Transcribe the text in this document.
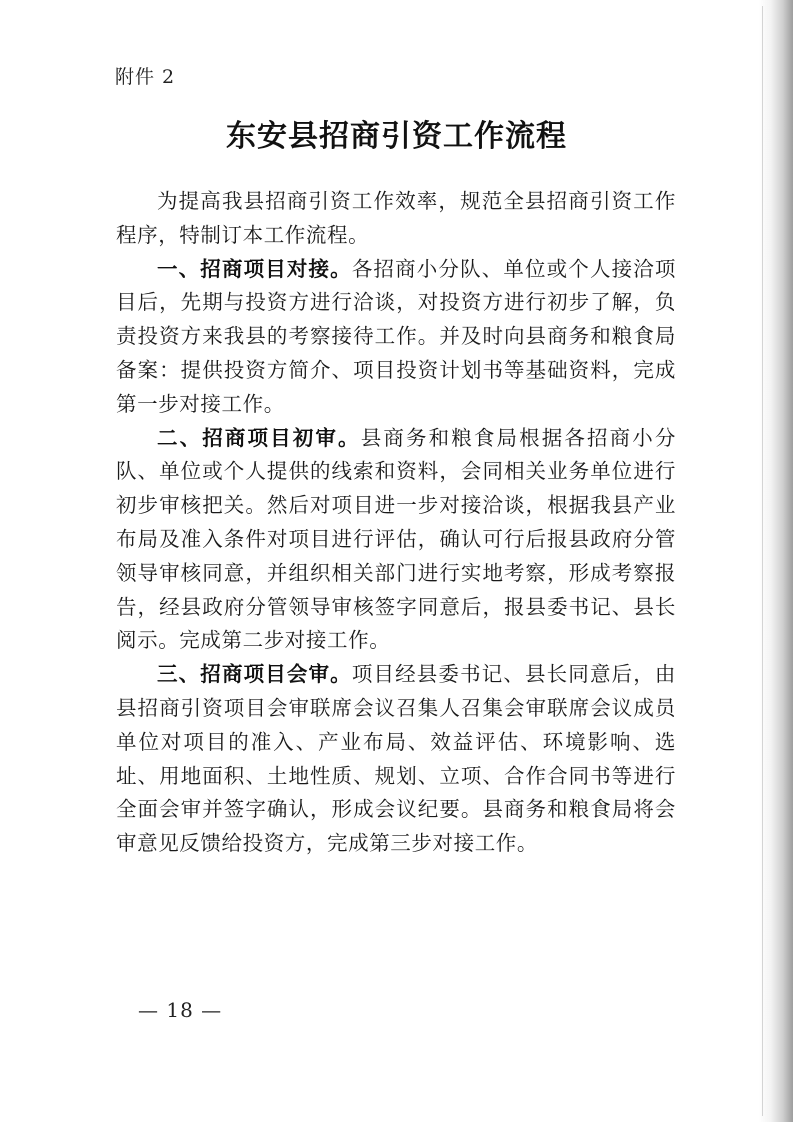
附件 2
东安县招商引资工作流程

为提高我县招商引资工作效率，规范全县招商引资工作程序，特制订本工作流程。

一、招商项目对接。各招商小分队、单位或个人接洽项目后，先期与投资方进行洽谈，对投资方进行初步了解，负责投资方来我县的考察接待工作。并及时向县商务和粮食局备案：提供投资方简介、项目投资计划书等基础资料，完成第一步对接工作。

二、招商项目初审。县商务和粮食局根据各招商小分队、单位或个人提供的线索和资料，会同相关业务单位进行初步审核把关。然后对项目进一步对接洽谈，根据我县产业布局及准入条件对项目进行评估，确认可行后报县政府分管领导审核同意，并组织相关部门进行实地考察，形成考察报告，经县政府分管领导审核签字同意后，报县委书记、县长阅示。完成第二步对接工作。

三、招商项目会审。项目经县委书记、县长同意后，由县招商引资项目会审联席会议召集人召集会审联席会议成员单位对项目的准入、产业布局、效益评估、环境影响、选址、用地面积、土地性质、规划、立项、合作合同书等进行全面会审并签字确认，形成会议纪要。县商务和粮食局将会审意见反馈给投资方，完成第三步对接工作。

— 18 —
